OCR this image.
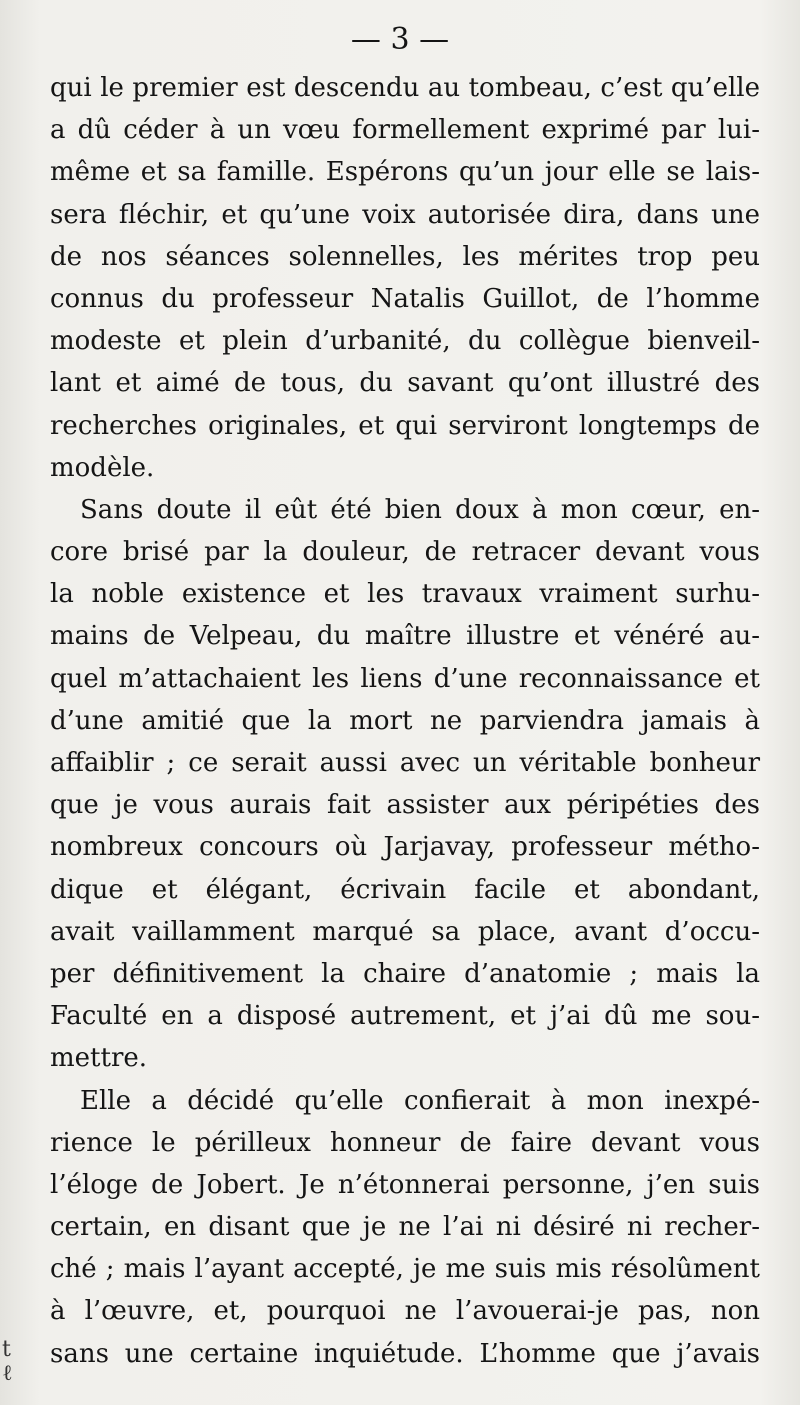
— 3 —
qui le premier est descendu au tombeau, c’est qu’elle
a dû céder à un vœu formellement exprimé par lui-
même et sa famille. Espérons qu’un jour elle se lais-
sera fléchir, et qu’une voix autorisée dira, dans une
de nos séances solennelles, les mérites trop peu
connus du professeur Natalis Guillot, de l’homme
modeste et plein d’urbanité, du collègue bienveil-
lant et aimé de tous, du savant qu’ont illustré des
recherches originales, et qui serviront longtemps de
modèle.
Sans doute il eût été bien doux à mon cœur, en-
core brisé par la douleur, de retracer devant vous
la noble existence et les travaux vraiment surhu-
mains de Velpeau, du maître illustre et vénéré au-
quel m’attachaient les liens d’une reconnaissance et
d’une amitié que la mort ne parviendra jamais à
affaiblir ; ce serait aussi avec un véritable bonheur
que je vous aurais fait assister aux péripéties des
nombreux concours où Jarjavay, professeur métho-
dique et élégant, écrivain facile et abondant,
avait vaillamment marqué sa place, avant d’occu-
per définitivement la chaire d’anatomie ; mais la
Faculté en a disposé autrement, et j’ai dû me sou-
mettre.
Elle a décidé qu’elle confierait à mon inexpé-
rience le périlleux honneur de faire devant vous
l’éloge de Jobert. Je n’étonnerai personne, j’en suis
certain, en disant que je ne l’ai ni désiré ni recher-
ché ; mais l’ayant accepté, je me suis mis résolûment
à l’œuvre, et, pourquoi ne l’avouerai-je pas, non
sans une certaine inquiétude. L’homme que j’avais
t
ℓ
